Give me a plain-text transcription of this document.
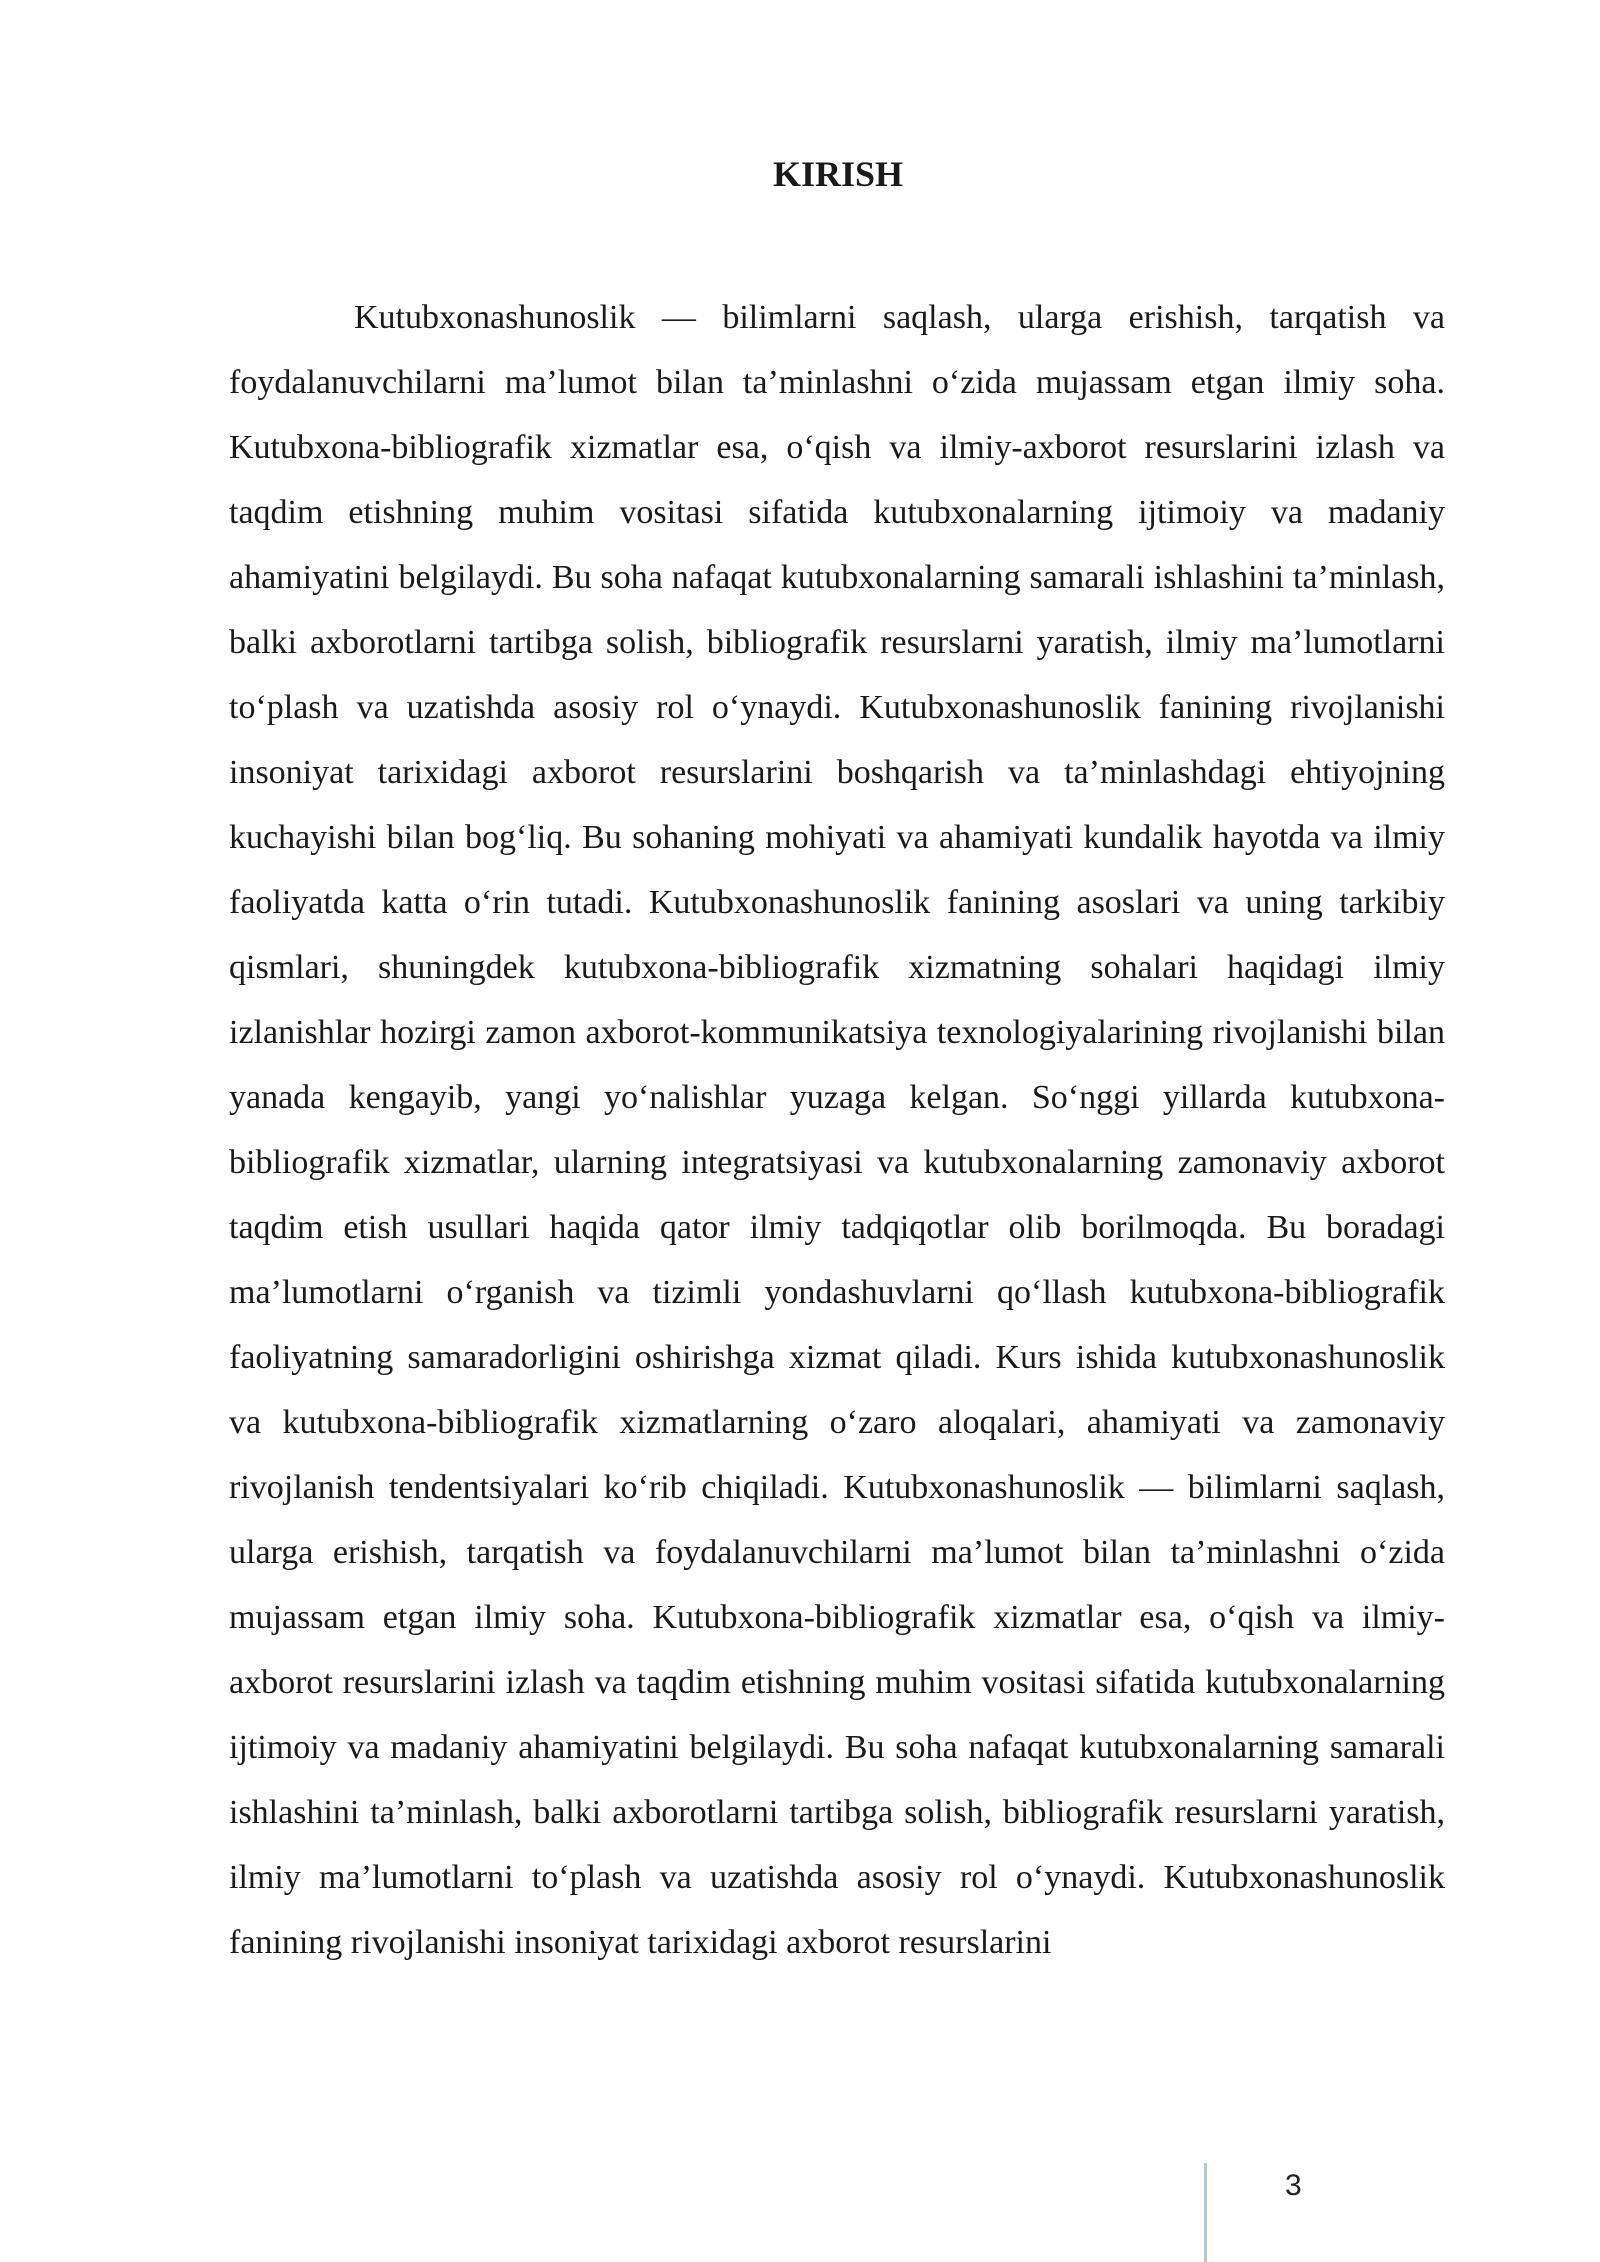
KIRISH

Kutubxonashunoslik — bilimlarni saqlash, ularga erishish, tarqatish va foydalanuvchilarni ma’lumot bilan ta’minlashni o‘zida mujassam etgan ilmiy soha. Kutubxona-bibliografik xizmatlar esa, o‘qish va ilmiy-axborot resurslarini izlash va taqdim etishning muhim vositasi sifatida kutubxonalarning ijtimoiy va madaniy ahamiyatini belgilaydi. Bu soha nafaqat kutubxonalarning samarali ishlashini ta’minlash, balki axborotlarni tartibga solish, bibliografik resurslarni yaratish, ilmiy ma’lumotlarni to‘plash va uzatishda asosiy rol o‘ynaydi. Kutubxonashunoslik fanining rivojlanishi insoniyat tarixidagi axborot resurslarini boshqarish va ta’minlashdagi ehtiyojning kuchayishi bilan bog‘liq. Bu sohaning mohiyati va ahamiyati kundalik hayotda va ilmiy faoliyatda katta o‘rin tutadi. Kutubxonashunoslik fanining asoslari va uning tarkibiy qismlari, shuningdek kutubxona-bibliografik xizmatning sohalari haqidagi ilmiy izlanishlar hozirgi zamon axborot-kommunikatsiya texnologiyalarining rivojlanishi bilan yanada kengayib, yangi yo‘nalishlar yuzaga kelgan. So‘nggi yillarda kutubxona-bibliografik xizmatlar, ularning integratsiyasi va kutubxonalarning zamonaviy axborot taqdim etish usullari haqida qator ilmiy tadqiqotlar olib borilmoqda. Bu boradagi ma’lumotlarni o‘rganish va tizimli yondashuvlarni qo‘llash kutubxona-bibliografik faoliyatning samaradorligini oshirishga xizmat qiladi. Kurs ishida kutubxonashunoslik va kutubxona-bibliografik xizmatlarning o‘zaro aloqalari, ahamiyati va zamonaviy rivojlanish tendentsiyalari ko‘rib chiqiladi. Kutubxonashunoslik — bilimlarni saqlash, ularga erishish, tarqatish va foydalanuvchilarni ma’lumot bilan ta’minlashni o‘zida mujassam etgan ilmiy soha. Kutubxona-bibliografik xizmatlar esa, o‘qish va ilmiy-axborot resurslarini izlash va taqdim etishning muhim vositasi sifatida kutubxonalarning ijtimoiy va madaniy ahamiyatini belgilaydi. Bu soha nafaqat kutubxonalarning samarali ishlashini ta’minlash, balki axborotlarni tartibga solish, bibliografik resurslarni yaratish, ilmiy ma’lumotlarni to‘plash va uzatishda asosiy rol o‘ynaydi. Kutubxonashunoslik fanining rivojlanishi insoniyat tarixidagi axborot resurslarini

3
